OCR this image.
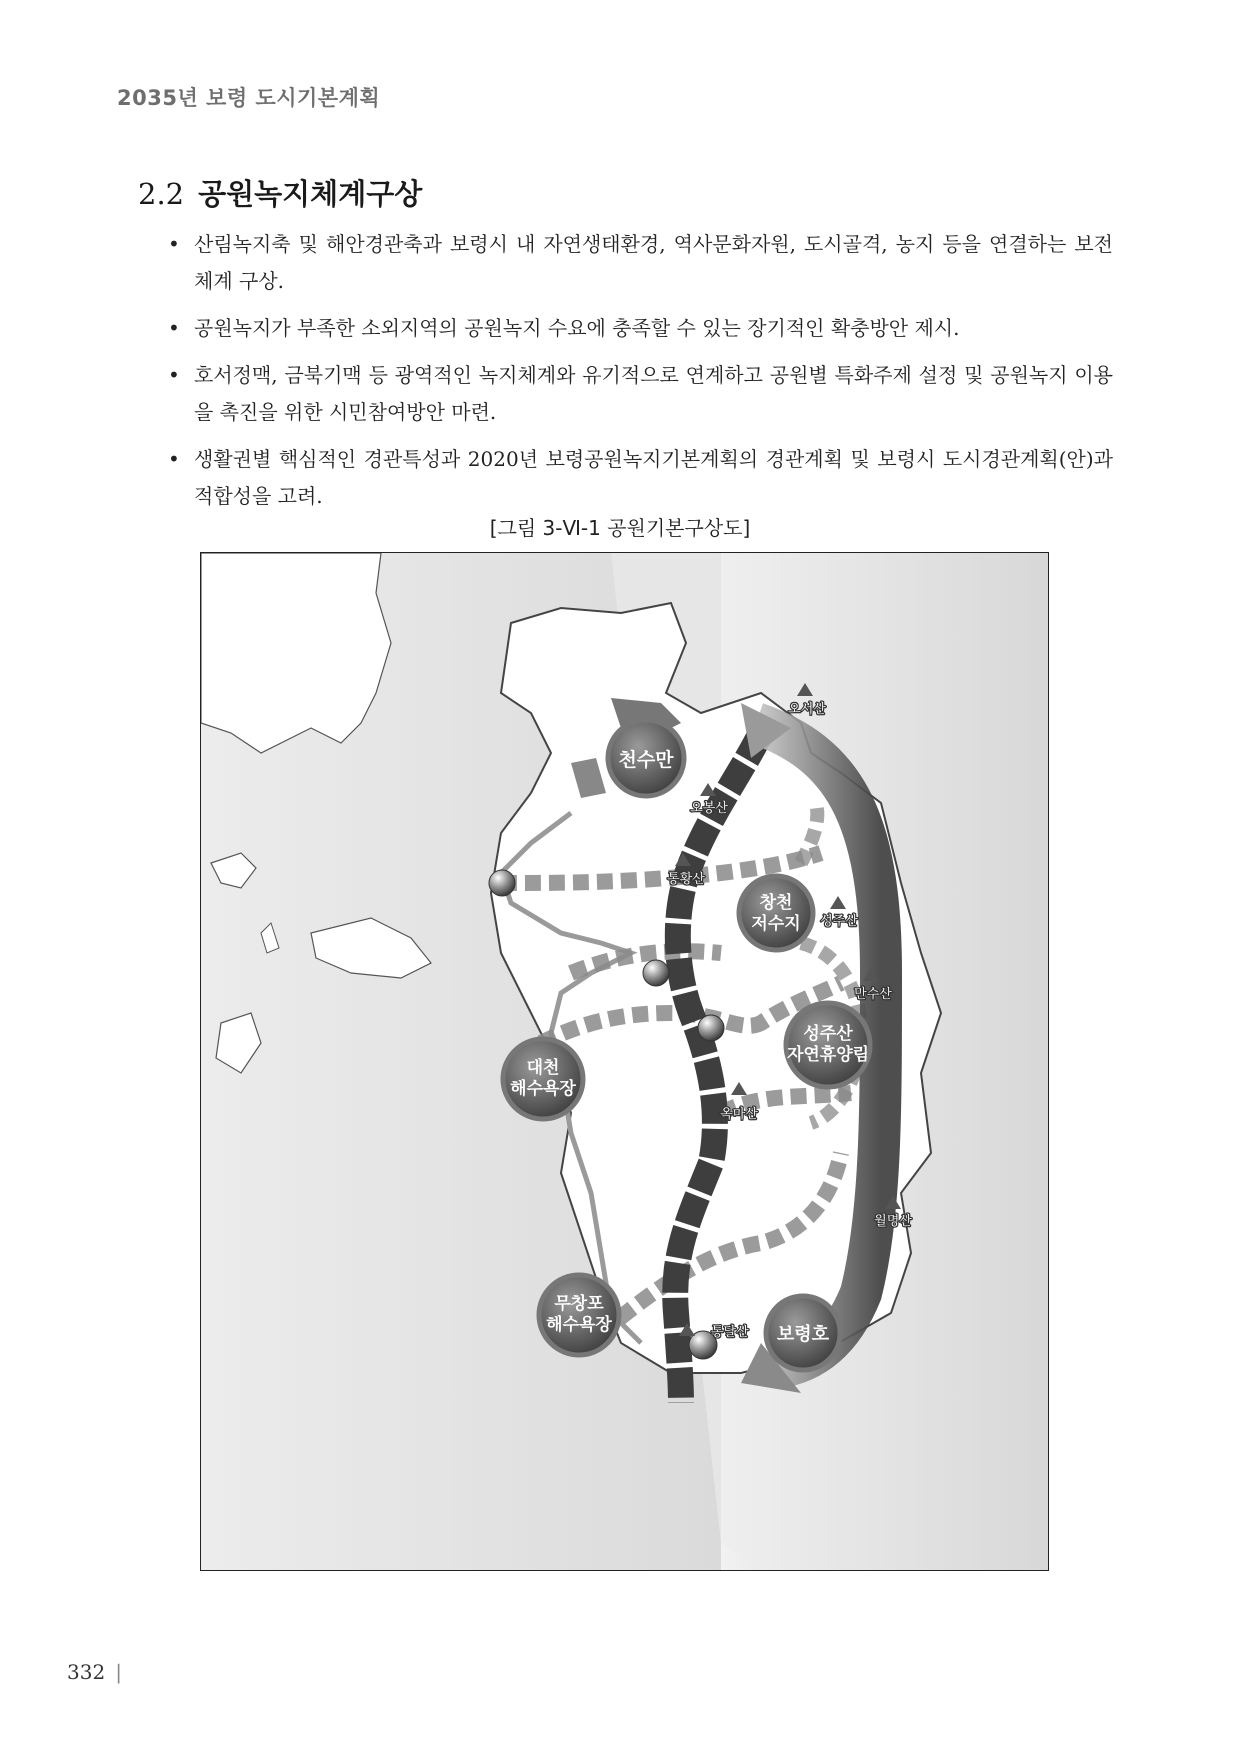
2035년 보령 도시기본계획
2.2 공원녹지체계구상
• 산림녹지축 및 해안경관축과 보령시 내 자연생태환경, 역사문화자원, 도시골격, 농지 등을 연결하는 보전체계 구상.
• 공원녹지가 부족한 소외지역의 공원녹지 수요에 충족할 수 있는 장기적인 확충방안 제시.
• 호서정맥, 금북기맥 등 광역적인 녹지체계와 유기적으로 연계하고 공원별 특화주제 설정 및 공원녹지 이용을 촉진을 위한 시민참여방안 마련.
• 생활권별 핵심적인 경관특성과 2020년 보령공원녹지기본계획의 경관계획 및 보령시 도시경관계획(안)과 적합성을 고려.
[그림 3-Ⅵ-1 공원기본구상도]
천수만
창천
저수지
대천
해수욕장
성주산
자연휴양림
무창포
해수욕장	보령호
오서산
오봉산
통황산
성주산
만수산
옥마산
월명산
통달산
332 |
